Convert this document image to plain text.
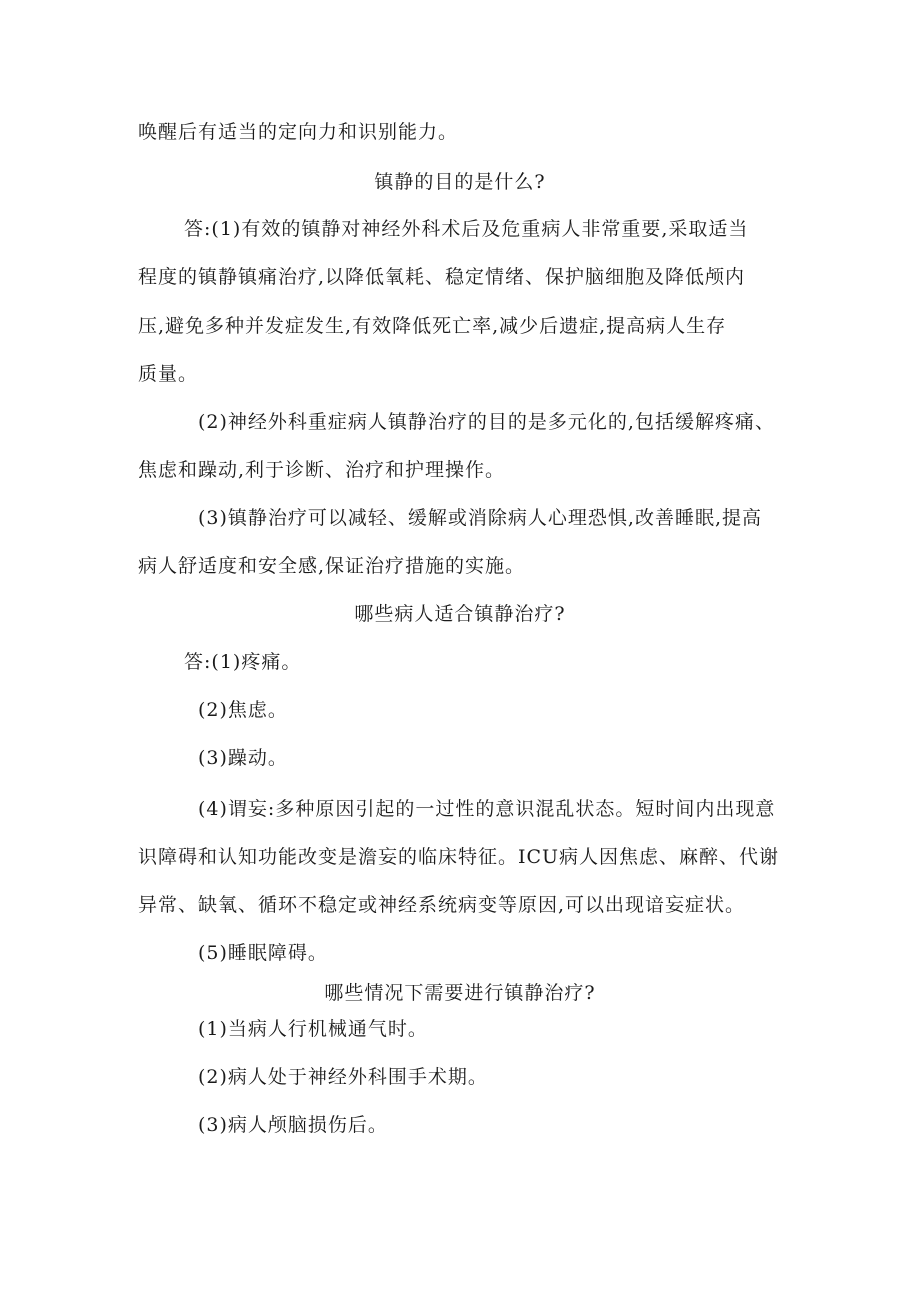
唤醒后有适当的定向力和识别能力。
镇静的目的是什么?
答:(1)有效的镇静对神经外科术后及危重病人非常重要,采取适当
程度的镇静镇痛治疗,以降低氧耗、稳定情绪、保护脑细胞及降低颅内
压,避免多种并发症发生,有效降低死亡率,减少后遗症,提高病人生存
质量。
(2)神经外科重症病人镇静治疗的目的是多元化的,包括缓解疼痛、
焦虑和躁动,利于诊断、治疗和护理操作。
(3)镇静治疗可以减轻、缓解或消除病人心理恐惧,改善睡眠,提高
病人舒适度和安全感,保证治疗措施的实施。
哪些病人适合镇静治疗?
答:(1)疼痛。
(2)焦虑。
(3)躁动。
(4)谓妄:多种原因引起的一过性的意识混乱状态。短时间内出现意
识障碍和认知功能改变是澹妄的临床特征。ICU病人因焦虑、麻醉、代谢
异常、缺氧、循环不稳定或神经系统病变等原因,可以出现谙妄症状。
(5)睡眠障碍。
哪些情况下需要进行镇静治疗?
(1)当病人行机械通气时。
(2)病人处于神经外科围手术期。
(3)病人颅脑损伤后。
